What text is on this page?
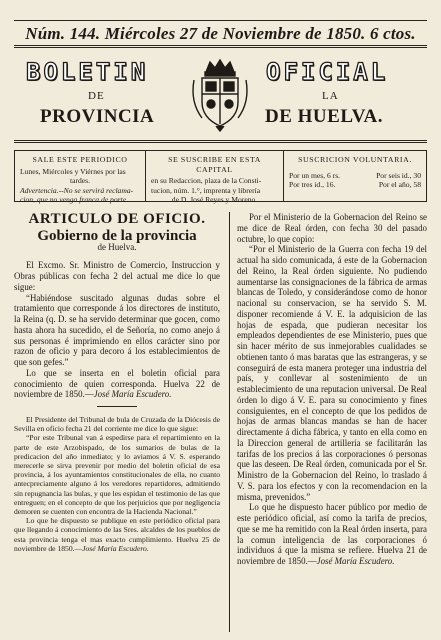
Núm. 144. Miércoles 27 de Noviembre de 1850. 6 ctos.
BOLETIN	OFICIAL
DE	LA
PROVINCIA	DE HUELVA.
SALE ESTE PERIODICO
Lunes, Miércoles y Viérnes por las
tardes.
Advertencia.--No se servirá reclama-
cion, que no venga franca de porte.
SE SUSCRIBE EN ESTA CAPITAL
en su Redaccion, plaza de la Consti-
tucion, núm. 1.°, imprenta y librería
de D. José Reyes y Moreno.
SUSCRICION VOLUNTARIA.
Por un mes, 6 rs.	Por seis id., 30
Por tres id., 16.	Por el año, 58
ARTICULO DE OFICIO.
Gobierno de la provincia
de Huelva.

El Excmo. Sr. Ministro de Comercio, Instruccion y Obras públicas con fecha 2 del actual me dice lo que sigue:

“Habiéndose suscitado algunas dudas sobre el tratamiento que corresponde á los directores de instituto, la Reina (q. D. se ha servido determinar que gocen, como hasta ahora ha sucedido, el de Señoría, no como anejo á sus personas é imprimiendo en ellos carácter sino por razon de oficio y para decoro á los establecimientos de que son gefes.”

Lo que se inserta en el boletin oficial para conocimiento de quien corresponda. Huelva 22 de noviembre de 1850.—José María Escudero.

El Presidente del Tribunal de bula de Cruzada de la Diócesis de Sevilla en oficio fecha 21 del corriente me dice lo que sigue:

“Por este Tribunal van á espedirse para el repartimiento en la parte de este Arzobispado, de los sumarios de bulas de la predicacion del año inmediato; y lo aviamos á V. S. esperando merecerle se sirva prevenir por medio del boletin oficial de esa provincia, á los ayuntamientos constitucionales de ella, no cuanto antecpreciamente alguno á los veredores repartidores, admitiendo sin repugnancia las bulas, y que les espidan el testimonio de las que entreguen; en el concepto de que los perjuicios que por negligencia demoren se cuenten con encontra de la Hacienda Nacional.”

Lo que he dispuesto se publique en este periódico oficial para que llegando á conocimiento de las Sres. alcaldes de los pueblos de esta provincia tenga el mas exacto cumplimiento. Huelva 25 de noviembre de 1850.—José María Escudero.

Por el Ministerio de la Gobernacion del Reino se me dice de Real órden, con fecha 30 del pasado octubre, lo que copio:

“Por el Ministerio de la Guerra con fecha 19 del actual ha sido comunicada, á este de la Gobernacion del Reino, la Real órden siguiente. No pudiendo aumentarse las consignaciones de la fábrica de armas blancas de Toledo, y considerándose como de honor nacional su conservacion, se ha servido S. M. disponer recomiende á V. E. la adquisicion de las hojas de espada, que pudieran necesitar los empleados dependientes de ese Ministerio, pues que sin hacer mérito de sus inmejorables cualidades se obtienen tanto ó mas baratas que las estrangeras, y se conseguirá de esta manera proteger una industria del país, y conllevar al sostenimiento de un establecimiento de una reputacion universal. De Real órden lo digo á V. E. para su conocimiento y fines consiguientes, en el concepto de que los pedidos de hojas de armas blancas mandas se han de hacer directamente á dicha fábrica, y tanto en ella como en la Direccion general de artillería se facilitarán las tarifas de los precios á las corporaciones ó personas que las deseen. De Real órden, comunicada por el Sr. Ministro de la Gobernacion del Reino, lo traslado á V. S. para los efectos y con la recomendacion en la misma, prevenidos.”

Lo que he dispuesto hacer público por medio de este periódico oficial, así como la tarifa de precios, que se me ha remitido con la Real órden inserta, para la comun inteligencia de las corporaciones ó individuos á que la misma se refiere. Huelva 21 de noviembre de 1850.—José María Escudero.
